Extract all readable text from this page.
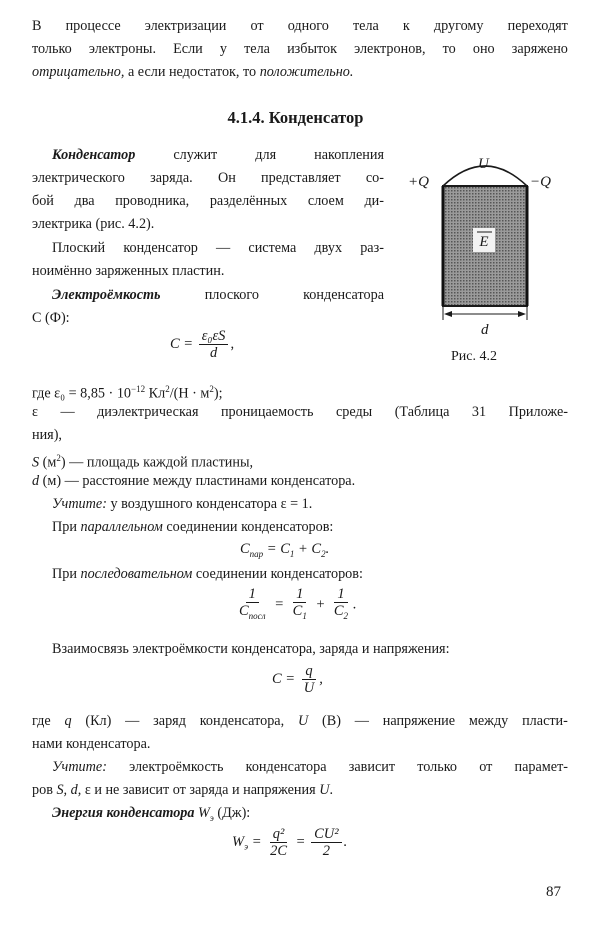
В процессе электризации от одного тела к другому переходят
только электроны. Если у тела избыток электронов, то оно заряжено
отрицательно, а если недостаток, то положительно.
4.1.4. Конденсатор
Конденсатор	служит	для	накопления
электрического заряда. Он представляет со-
бой два проводника, разделённых слоем ди-
электрика (рис. 4.2).
Плоский конденсатор — система двух раз-
ноимённо заряженных пластин.
Электроёмкость	плоского	конденсатора
C (Ф):
$C = \frac{\text{ε₀εS}}{d}$ ,
где $\varepsilon_0 = 8,85 \cdot 10^{-12}$ $Кл^2/(Н \cdot м^2)$;
ε — диэлектрическая проницаемость среды (Таблица 31 Приложе-
ния),
S $(м^2)$ — площадь каждой пластины,
d (м) — расстояние между пластинами конденсатора.
Учтите: у воздушного конденсатора ε = 1.
При параллельном соединении конденсаторов:
$C_{пар} = C_1 + C_2$.
При последовательном соединении конденсаторов:
$\frac{1}{C_{посл}} = \frac{1}{C_1} + \frac{1}{C_2}$ .
Взаимосвязь электроёмкости конденсатора, заряда и напряжения:
$C = \frac{q}{U}$ ,
где q (Кл) — заряд конденсатора, U (В) — напряжение между пласти-
нами конденсатора.
Учтите: электроёмкость конденсатора зависит только от парамет-
ров S, d, ε и не зависит от заряда и напряжения U.
Энергия конденсатора $W_э$ (Дж):
$W_э = \frac{\text{q²}}{2C} = \frac{\text{CU²}}{2}$ .
E
U
+Q	−Q
d
Рис. 4.2
87
